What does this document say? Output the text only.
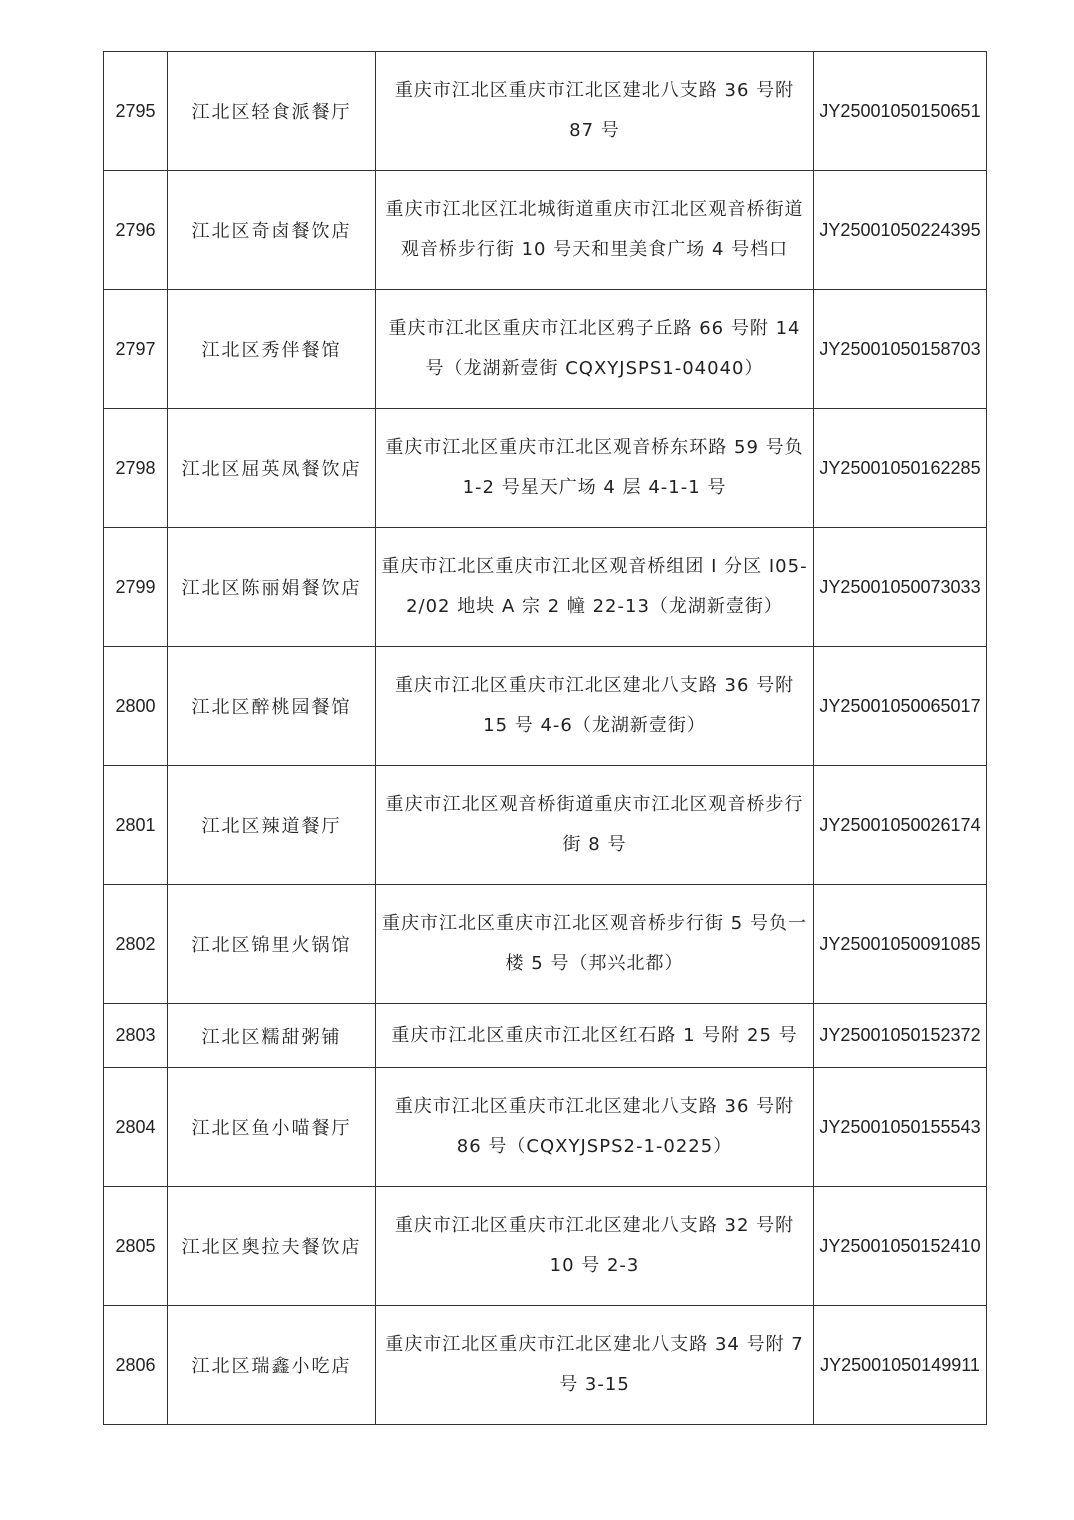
2795	江北区轻食派餐厅	重庆市江北区重庆市江北区建北八支路 36 号附 87 号	JY25001050150651
2796	江北区奇卤餐饮店	重庆市江北区江北城街道重庆市江北区观音桥街道观音桥步行街 10 号天和里美食广场 4 号档口	JY25001050224395
2797	江北区秀伴餐馆	重庆市江北区重庆市江北区鸦子丘路 66 号附 14 号（龙湖新壹街 CQXYJSPS1-04040）	JY25001050158703
2798	江北区屈英凤餐饮店	重庆市江北区重庆市江北区观音桥东环路 59 号负 1-2 号星天广场 4 层 4-1-1 号	JY25001050162285
2799	江北区陈丽娟餐饮店	重庆市江北区重庆市江北区观音桥组团 I 分区 I05-2/02 地块 A 宗 2 幢 22-13（龙湖新壹街）	JY25001050073033
2800	江北区醉桃园餐馆	重庆市江北区重庆市江北区建北八支路 36 号附 15 号 4-6（龙湖新壹街）	JY25001050065017
2801	江北区辣道餐厅	重庆市江北区观音桥街道重庆市江北区观音桥步行街 8 号	JY25001050026174
2802	江北区锦里火锅馆	重庆市江北区重庆市江北区观音桥步行街 5 号负一楼 5 号（邦兴北都）	JY25001050091085
2803	江北区糯甜粥铺	重庆市江北区重庆市江北区红石路 1 号附 25 号	JY25001050152372
2804	江北区鱼小喵餐厅	重庆市江北区重庆市江北区建北八支路 36 号附 86 号（CQXYJSPS2-1-0225）	JY25001050155543
2805	江北区奥拉夫餐饮店	重庆市江北区重庆市江北区建北八支路 32 号附 10 号 2-3	JY25001050152410
2806	江北区瑞鑫小吃店	重庆市江北区重庆市江北区建北八支路 34 号附 7 号 3-15	JY25001050149911
